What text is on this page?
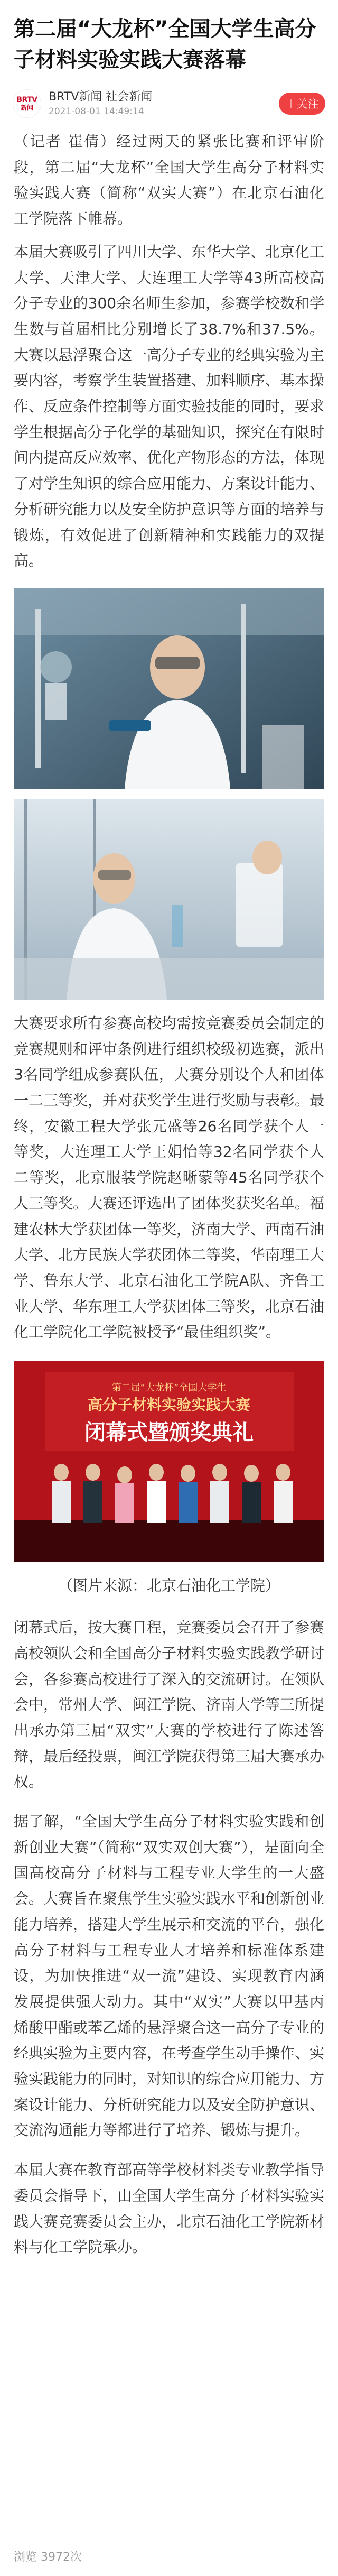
第二届“大龙杯”全国大学生高分子材料实验实践大赛落幕
BRTV
新闻
BRTV新闻 社会新闻
2021-08-01 14:49:14
＋ 关注

（记者 崔倩）经过两天的紧张比赛和评审阶段，第二届“大龙杯”全国大学生高分子材料实验实践大赛（简称“双实大赛”）在北京石油化工学院落下帷幕。

本届大赛吸引了四川大学、东华大学、北京化工大学、天津大学、大连理工大学等43所高校高分子专业的300余名师生参加，参赛学校数和学生数与首届相比分别增长了38.7%和37.5%。大赛以悬浮聚合这一高分子专业的经典实验为主要内容，考察学生装置搭建、加料顺序、基本操作、反应条件控制等方面实验技能的同时，要求学生根据高分子化学的基础知识，探究在有限时间内提高反应效率、优化产物形态的方法，体现了对学生知识的综合应用能力、方案设计能力、分析研究能力以及安全防护意识等方面的培养与锻炼，有效促进了创新精神和实践能力的双提高。

大赛要求所有参赛高校均需按竞赛委员会制定的竞赛规则和评审条例进行组织校级初选赛，派出3名同学组成参赛队伍，大赛分别设个人和团体一二三等奖，并对获奖学生进行奖励与表彰。最终，安徽工程大学张元盛等26名同学获个人一等奖，大连理工大学王娟怡等32名同学获个人二等奖，北京服装学院赵晰蒙等45名同学获个人三等奖。大赛还评选出了团体奖获奖名单。福建农林大学获团体一等奖，济南大学、西南石油大学、北方民族大学获团体二等奖，华南理工大学、鲁东大学、北京石油化工学院A队、齐鲁工业大学、华东理工大学获团体三等奖，北京石油化工学院化工学院被授予“最佳组织奖”。

第二届“大龙杯”全国大学生
高分子材料实验实践大赛
闭幕式暨颁奖典礼

（图片来源：北京石油化工学院）

闭幕式后，按大赛日程，竞赛委员会召开了参赛高校领队会和全国高分子材料实验实践教学研讨会，各参赛高校进行了深入的交流研讨。在领队会中，常州大学、闽江学院、济南大学等三所提出承办第三届“双实”大赛的学校进行了陈述答辩，最后经投票，闽江学院获得第三届大赛承办权。

据了解，“全国大学生高分子材料实验实践和创新创业大赛”（简称“双实双创大赛”），是面向全国高校高分子材料与工程专业大学生的一大盛会。大赛旨在聚焦学生实验实践水平和创新创业能力培养，搭建大学生展示和交流的平台，强化高分子材料与工程专业人才培养和标准体系建设，为加快推进“双一流”建设、实现教育内涵发展提供强大动力。其中“双实”大赛以甲基丙烯酸甲酯或苯乙烯的悬浮聚合这一高分子专业的经典实验为主要内容，在考查学生动手操作、实验实践能力的同时，对知识的综合应用能力、方案设计能力、分析研究能力以及安全防护意识、交流沟通能力等都进行了培养、锻炼与提升。

本届大赛在教育部高等学校材料类专业教学指导委员会指导下，由全国大学生高分子材料实验实践大赛竞赛委员会主办，北京石油化工学院新材料与化工学院承办。

浏览 3972次
